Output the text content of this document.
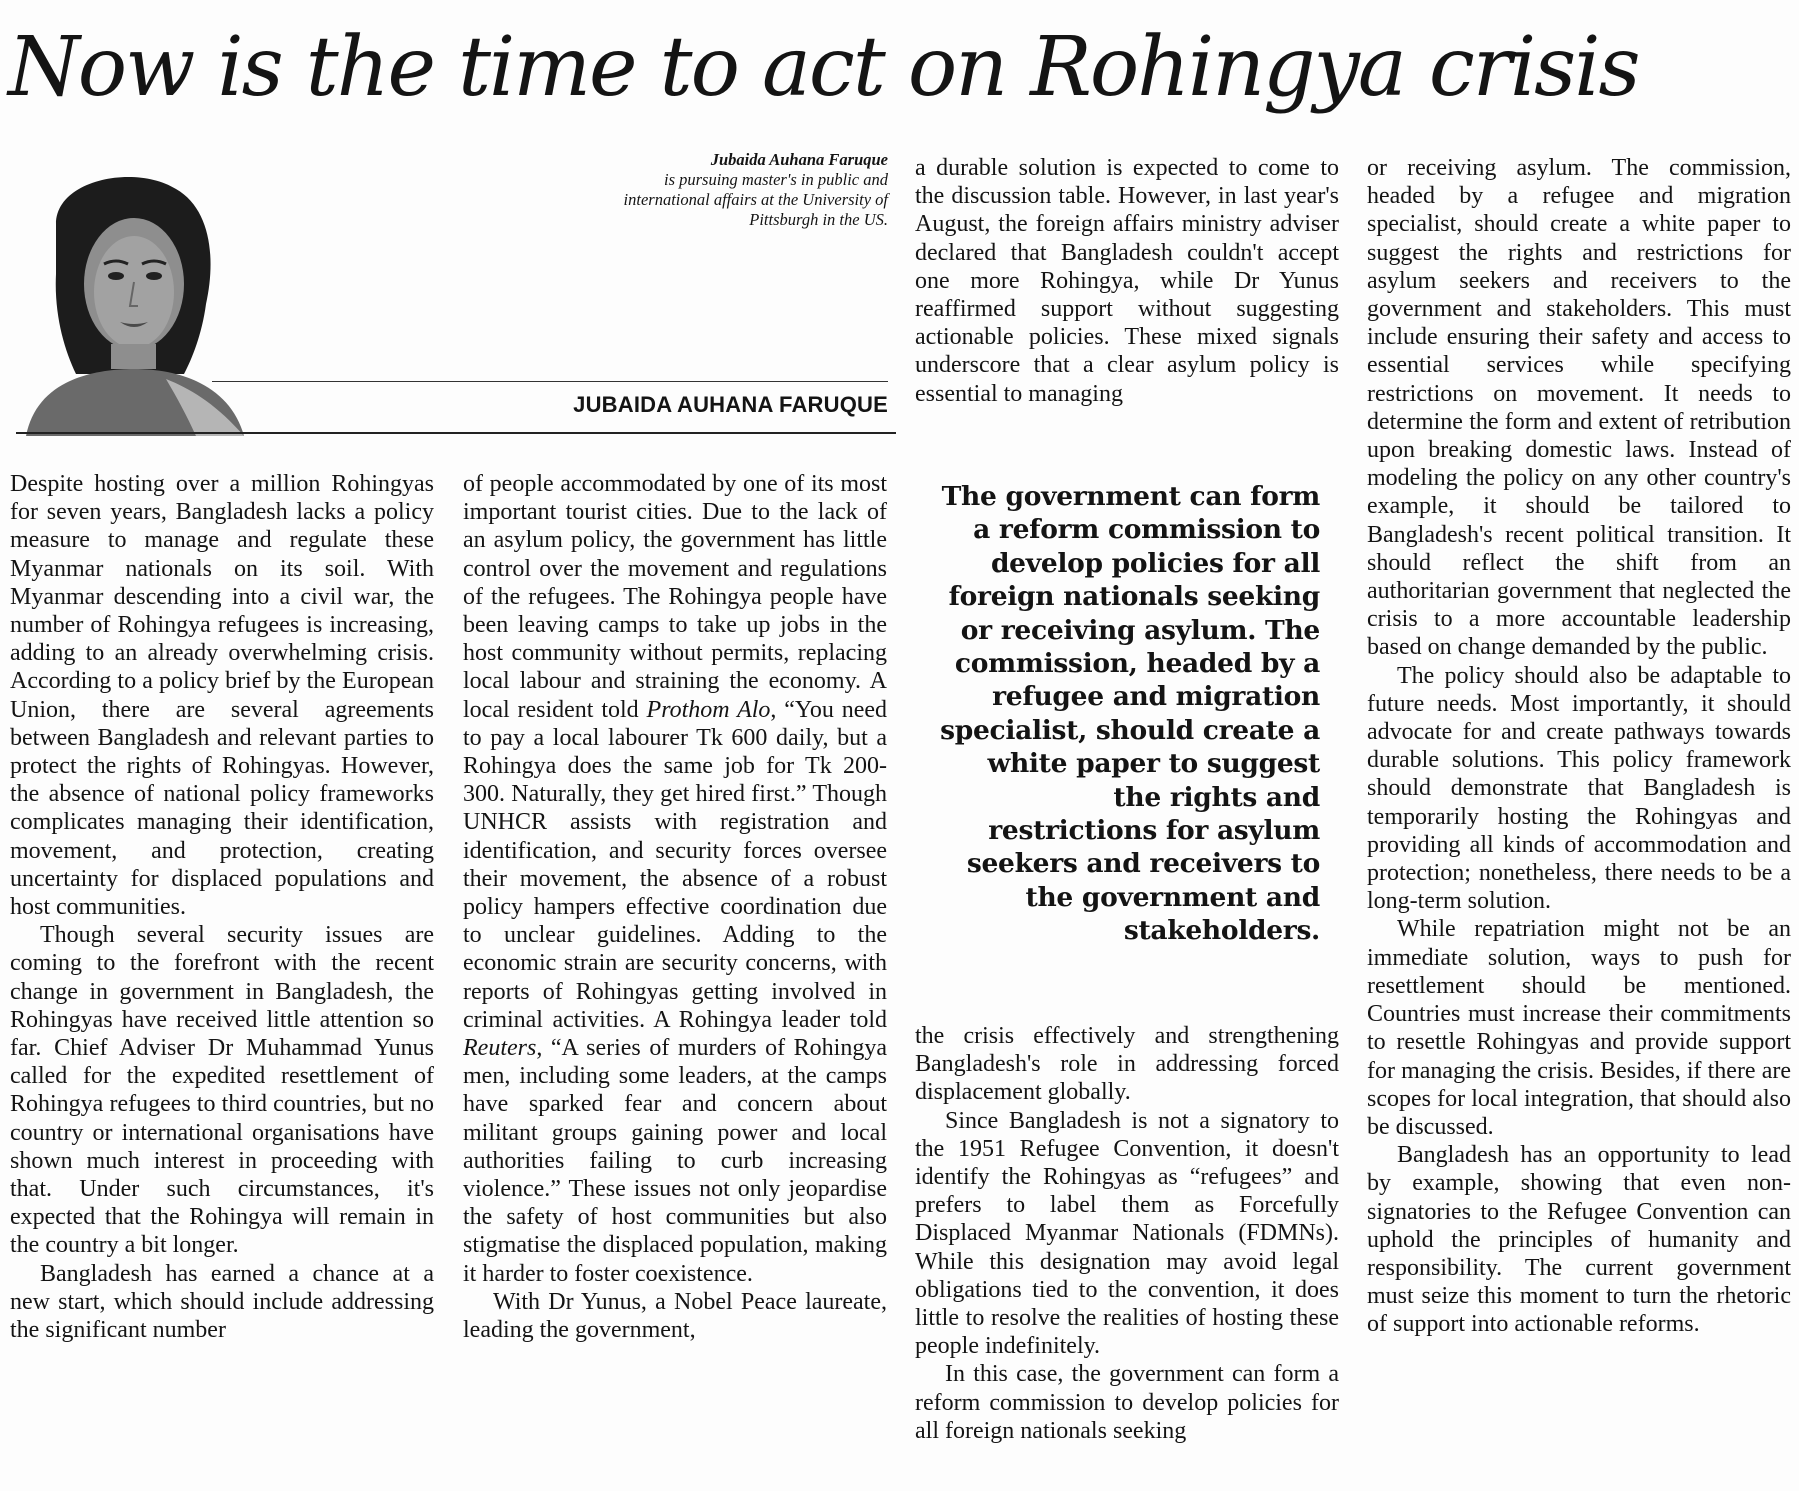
Now is the time to act on Rohingya crisis
Jubaida Auhana Faruque
is pursuing master's in public and
international affairs at the University of
Pittsburgh in the US.
JUBAIDA AUHANA FARUQUE

Despite hosting over a million Rohingyas for seven years, Bangladesh lacks a policy measure to manage and regulate these Myanmar nationals on its soil. With Myanmar descending into a civil war, the number of Rohingya refugees is increasing, adding to an already overwhelming crisis. According to a policy brief by the European Union, there are several agreements between Bangladesh and relevant parties to protect the rights of Rohingyas. However, the absence of national policy frameworks complicates managing their identification, movement, and protection, creating uncertainty for displaced populations and host communities.

Though several security issues are coming to the forefront with the recent change in government in Bangladesh, the Rohingyas have received little attention so far. Chief Adviser Dr Muhammad Yunus called for the expedited resettlement of Rohingya refugees to third countries, but no country or international organisations have shown much interest in proceeding with that. Under such circumstances, it's expected that the Rohingya will remain in the country a bit longer.

Bangladesh has earned a chance at a new start, which should include addressing the significant number

of people accommodated by one of its most important tourist cities. Due to the lack of an asylum policy, the government has little control over the movement and regulations of the refugees. The Rohingya people have been leaving camps to take up jobs in the host community without permits, replacing local labour and straining the economy. A local resident told Prothom Alo, “You need to pay a local labourer Tk 600 daily, but a Rohingya does the same job for Tk 200-300. Naturally, they get hired first.” Though UNHCR assists with registration and identification, and security forces oversee their movement, the absence of a robust policy hampers effective coordination due to unclear guidelines. Adding to the economic strain are security concerns, with reports of Rohingyas getting involved in criminal activities. A Rohingya leader told Reuters, “A series of murders of Rohingya men, including some leaders, at the camps have sparked fear and concern about militant groups gaining power and local authorities failing to curb increasing violence.” These issues not only jeopardise the safety of host communities but also stigmatise the displaced population, making it harder to foster coexistence.

With Dr Yunus, a Nobel Peace laureate, leading the government,

a durable solution is expected to come to the discussion table. However, in last year's August, the foreign affairs ministry adviser declared that Bangladesh couldn't accept one more Rohingya, while Dr Yunus reaffirmed support without suggesting actionable policies. These mixed signals underscore that a clear asylum policy is essential to managing

The government can form a reform commission to develop policies for all foreign nationals seeking or receiving asylum. The commission, headed by a refugee and migration specialist, should create a white paper to suggest the rights and restrictions for asylum seekers and receivers to the government and stakeholders.

the crisis effectively and strengthening Bangladesh's role in addressing forced displacement globally.

Since Bangladesh is not a signatory to the 1951 Refugee Convention, it doesn't identify the Rohingyas as “refugees” and prefers to label them as Forcefully Displaced Myanmar Nationals (FDMNs). While this designation may avoid legal obligations tied to the convention, it does little to resolve the realities of hosting these people indefinitely.

In this case, the government can form a reform commission to develop policies for all foreign nationals seeking

or receiving asylum. The commission, headed by a refugee and migration specialist, should create a white paper to suggest the rights and restrictions for asylum seekers and receivers to the government and stakeholders. This must include ensuring their safety and access to essential services while specifying restrictions on movement. It needs to determine the form and extent of retribution upon breaking domestic laws. Instead of modeling the policy on any other country's example, it should be tailored to Bangladesh's recent political transition. It should reflect the shift from an authoritarian government that neglected the crisis to a more accountable leadership based on change demanded by the public.

The policy should also be adaptable to future needs. Most importantly, it should advocate for and create pathways towards durable solutions. This policy framework should demonstrate that Bangladesh is temporarily hosting the Rohingyas and providing all kinds of accommodation and protection; nonetheless, there needs to be a long-term solution.

While repatriation might not be an immediate solution, ways to push for resettlement should be mentioned. Countries must increase their commitments to resettle Rohingyas and provide support for managing the crisis. Besides, if there are scopes for local integration, that should also be discussed.

Bangladesh has an opportunity to lead by example, showing that even non-signatories to the Refugee Convention can uphold the principles of humanity and responsibility. The current government must seize this moment to turn the rhetoric of support into actionable reforms.
